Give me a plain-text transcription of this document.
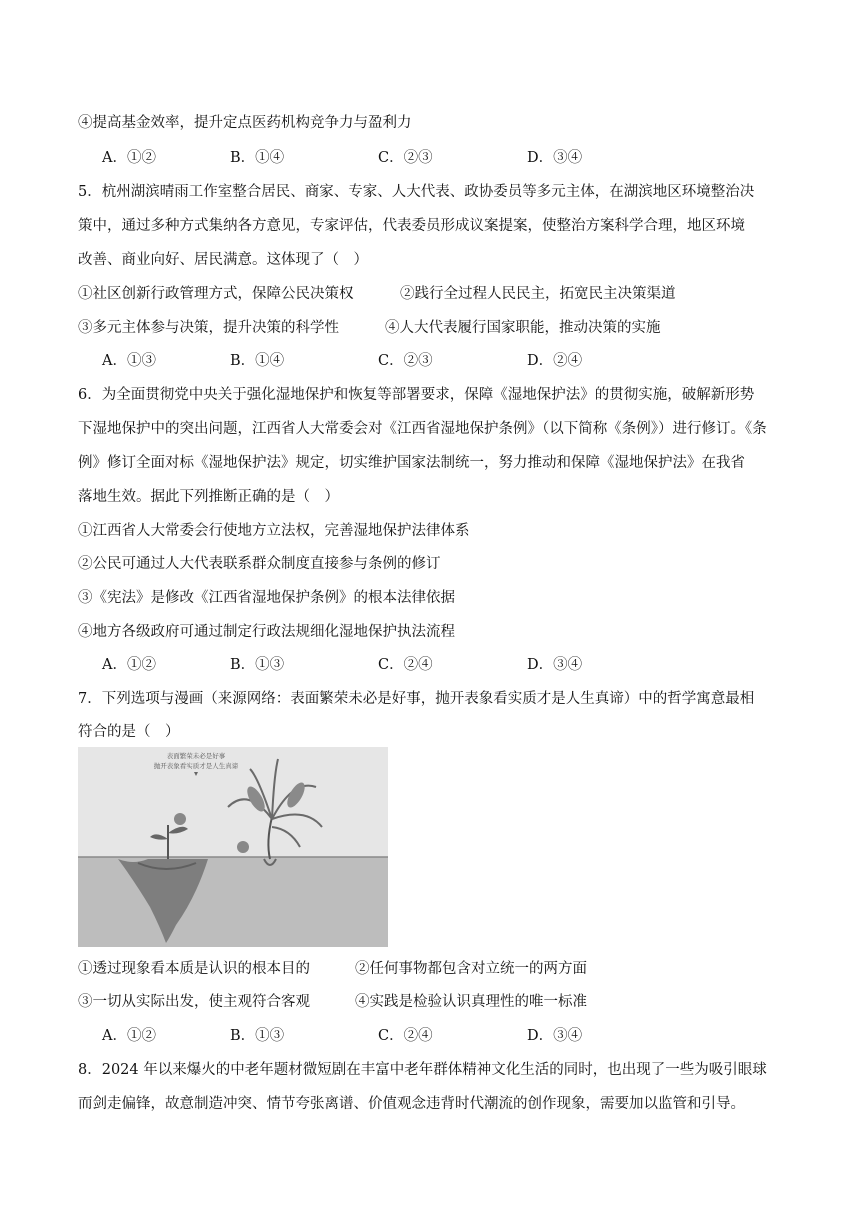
④提高基金效率，提升定点医药机构竞争力与盈利力
A．①②	B．①④	C．②③	D．③④
5．杭州湖滨晴雨工作室整合居民、商家、专家、人大代表、政协委员等多元主体，在湖滨地区环境整治决
策中，通过多种方式集纳各方意见，专家评估，代表委员形成议案提案，使整治方案科学合理，地区环境
改善、商业向好、居民满意。这体现了（　）
①社区创新行政管理方式，保障公民决策权	②践行全过程人民民主，拓宽民主决策渠道
③多元主体参与决策，提升决策的科学性	④人大代表履行国家职能，推动决策的实施
A．①③	B．①④	C．②③	D．②④
6．为全面贯彻党中央关于强化湿地保护和恢复等部署要求，保障《湿地保护法》的贯彻实施，破解新形势
下湿地保护中的突出问题，江西省人大常委会对《江西省湿地保护条例》（以下简称《条例》）进行修订。《条
例》修订全面对标《湿地保护法》规定，切实维护国家法制统一，努力推动和保障《湿地保护法》在我省
落地生效。据此下列推断正确的是（　）
①江西省人大常委会行使地方立法权，完善湿地保护法律体系
②公民可通过人大代表联系群众制度直接参与条例的修订
③《宪法》是修改《江西省湿地保护条例》的根本法律依据
④地方各级政府可通过制定行政法规细化湿地保护执法流程
A．①②	B．①③	C．②④	D．③④
7．下列选项与漫画（来源网络：表面繁荣未必是好事，抛开表象看实质才是人生真谛）中的哲学寓意最相
符合的是（　）
表面繁荣未必是好事
抛开表象看实质才是人生真谛
①透过现象看本质是认识的根本目的	②任何事物都包含对立统一的两方面
③一切从实际出发，使主观符合客观	④实践是检验认识真理性的唯一标准
A．①②	B．①③	C．②④	D．③④
8．2024 年以来爆火的中老年题材微短剧在丰富中老年群体精神文化生活的同时，也出现了一些为吸引眼球
而剑走偏锋，故意制造冲突、情节夸张离谱、价值观念违背时代潮流的创作现象，需要加以监管和引导。
